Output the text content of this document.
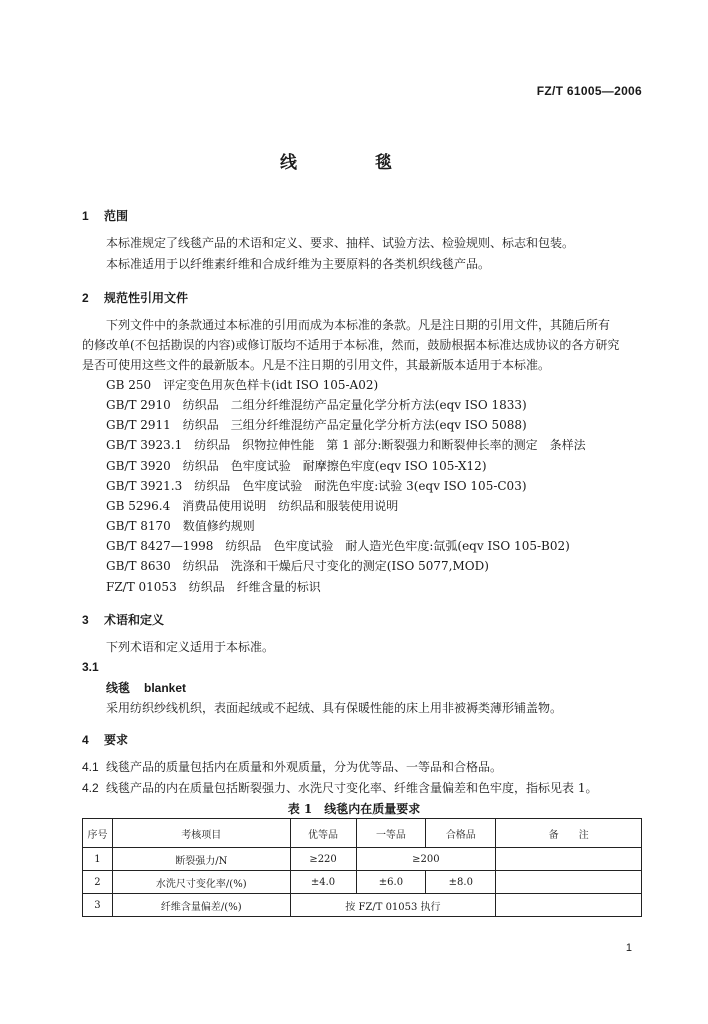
FZ/T 61005—2006
线 毯
1 范围
本标准规定了线毯产品的术语和定义、要求、抽样、试验方法、检验规则、标志和包装。
本标准适用于以纤维素纤维和合成纤维为主要原料的各类机织线毯产品。
2 规范性引用文件
下列文件中的条款通过本标准的引用而成为本标准的条款。凡是注日期的引用文件，其随后所有
的修改单(不包括勘误的内容)或修订版均不适用于本标准，然而，鼓励根据本标准达成协议的各方研究
是否可使用这些文件的最新版本。凡是不注日期的引用文件，其最新版本适用于本标准。
GB 250　评定变色用灰色样卡(idt ISO 105-A02)
GB/T 2910　纺织品　二组分纤维混纺产品定量化学分析方法(eqv ISO 1833)
GB/T 2911　纺织品　三组分纤维混纺产品定量化学分析方法(eqv ISO 5088)
GB/T 3923.1　纺织品　织物拉伸性能　第 1 部分:断裂强力和断裂伸长率的测定　条样法
GB/T 3920　纺织品　色牢度试验　耐摩擦色牢度(eqv ISO 105-X12)
GB/T 3921.3　纺织品　色牢度试验　耐洗色牢度:试验 3(eqv ISO 105-C03)
GB 5296.4　消费品使用说明　纺织品和服装使用说明
GB/T 8170　数值修约规则
GB/T 8427—1998　纺织品　色牢度试验　耐人造光色牢度:氙弧(eqv ISO 105-B02)
GB/T 8630　纺织品　洗涤和干燥后尺寸变化的测定(ISO 5077,MOD)
FZ/T 01053　纺织品　纤维含量的标识
3 术语和定义
下列术语和定义适用于本标准。
3.1
线毯 blanket
采用纺织纱线机织，表面起绒或不起绒、具有保暖性能的床上用非被褥类薄形铺盖物。
4 要求
4.1 线毯产品的质量包括内在质量和外观质量，分为优等品、一等品和合格品。
4.2 线毯产品的内在质量包括断裂强力、水洗尺寸变化率、纤维含量偏差和色牢度，指标见表 1。
表 1　线毯内在质量要求
序号	考核项目	优等品	一等品	合格品	备　　注
1	断裂强力/N	≥220	≥200		
2	水洗尺寸变化率/(%)	±4.0	±6.0	±8.0	
3	纤维含量偏差/(%)	按 FZ/T 01053 执行			
1
